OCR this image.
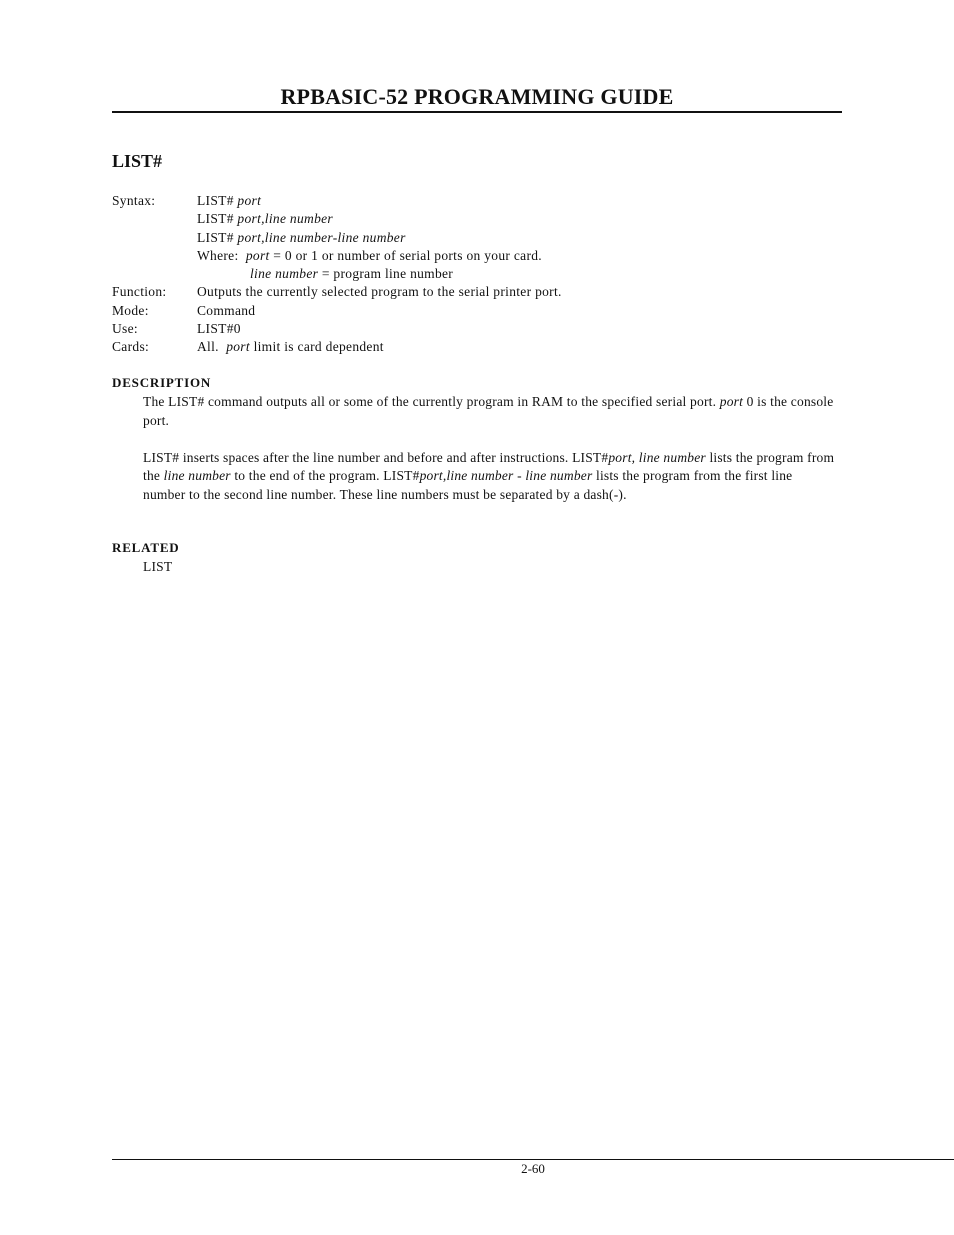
RPBASIC-52 PROGRAMMING GUIDE
LIST#
Syntax:	LIST# port
LIST# port,line number
LIST# port,line number-line number
Where:  port = 0 or 1 or number of serial ports on your card.
line number = program line number
Function:	Outputs the currently selected program to the serial printer port.
Mode:	Command
Use:	LIST#0
Cards:	All.  port limit is card dependent
DESCRIPTION

The LIST# command outputs all or some of the currently program in RAM to the specified serial port. port 0 is the console port.

LIST# inserts spaces after the line number and before and after instructions. LIST#port, line number lists the program from the line number to the end of the program. LIST#port,line number - line number lists the program from the first line number to the second line number. These line numbers must be separated by a dash(-).

RELATED
LIST
2-60
